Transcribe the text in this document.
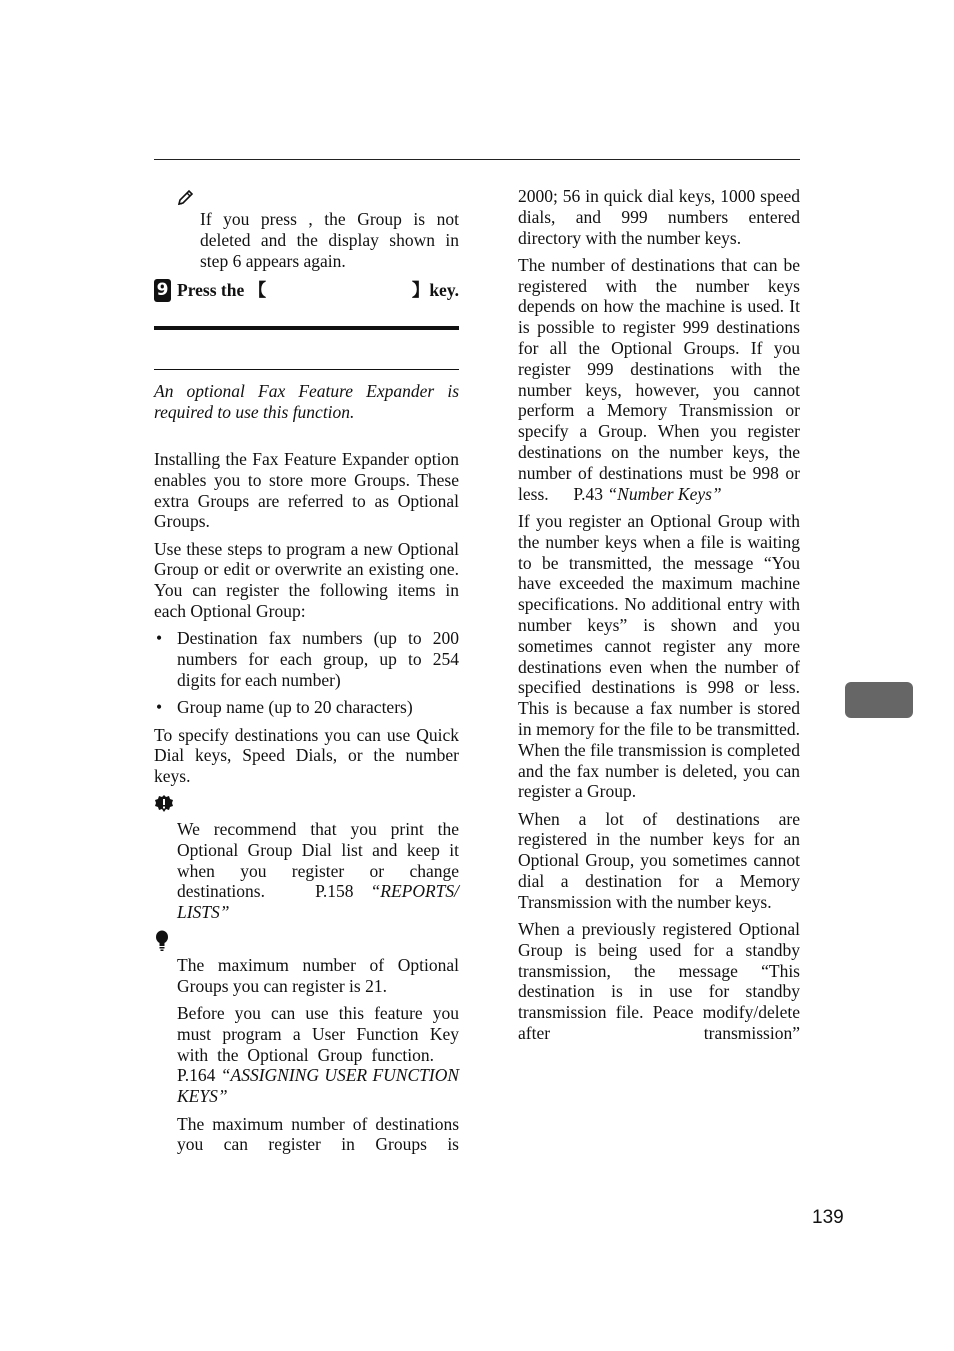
If you press , the Group is not deleted and the display shown in step 6 appears again.

9 Press the 【	】key.

An optional Fax Feature Expander is required to use this function.

Installing the Fax Feature Expander option enables you to store more Groups. These extra Groups are referred to as Optional Groups.

Use these steps to program a new Optional Group or edit or overwrite an existing one. You can register the following items in each Optional Group:

• Destination fax numbers (up to 200 numbers for each group, up to 254 digits for each number)
• Group name (up to 20 characters)

To specify destinations you can use Quick Dial keys, Speed Dials, or the number keys.

We recommend that you print the Optional Group Dial list and keep it when you register or change destinations.	P.158 “REPORTS/ LISTS”

The maximum number of Optional Groups you can register is 21.

Before you can use this feature you must program a User Function Key with the Optional Group function.  P.164 “ASSIGNING USER FUNCTION KEYS”

The maximum number of destinations you can register in Groups is

2000; 56 in quick dial keys, 1000 speed dials, and 999 numbers entered directory with the number keys.

The number of destinations that can be registered with the number keys depends on how the machine is used. It is possible to register 999 destinations for all the Optional Groups. If you register 999 destinations with the number keys, however, you cannot perform a Memory Transmission or specify a Group. When you register destinations on the number keys, the number of destinations must be 998 or less. P.43 “Number Keys”

If you register an Optional Group with the number keys when a file is waiting to be transmitted, the message “You have exceeded the maximum machine specifications. No additional entry with number keys” is shown and you sometimes cannot register any more destinations even when the number of specified destinations is 998 or less. This is because a fax number is stored in memory for the file to be transmitted. When the file transmission is completed and the fax number is deleted, you can register a Group.

When a lot of destinations are registered in the number keys for an Optional Group, you sometimes cannot dial a destination for a Memory Transmission with the number keys.

When a previously registered Optional Group is being used for a standby transmission, the message “This destination is in use for standby transmission file. Peace modify/delete after transmission”

139
